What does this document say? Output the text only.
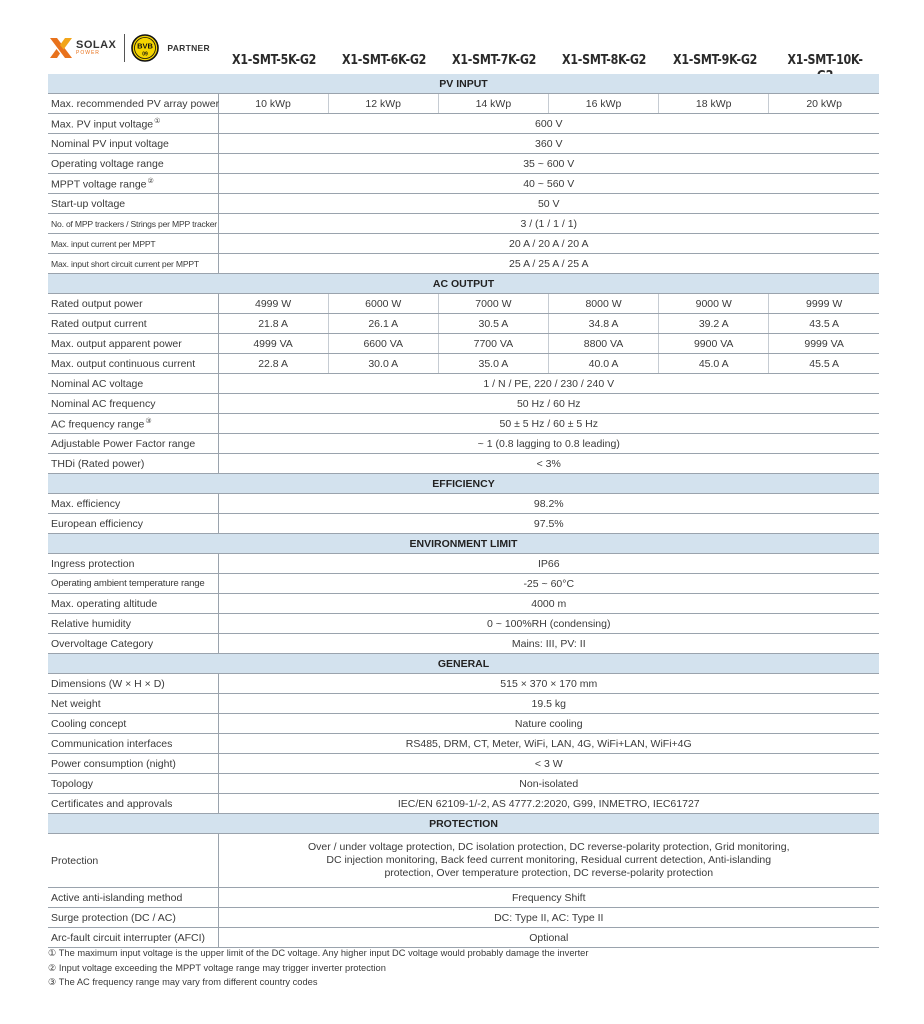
SOLAX
POWER
BVB
09
PARTNER
X1-SMT-5K-G2 X1-SMT-6K-G2 X1-SMT-7K-G2 X1-SMT-8K-G2 X1-SMT-9K-G2	X1-SMT-10K-
PV INPUT						
Max. recommended PV array power	10 kWp	12 kWp	14 kWp	16 kWp	18 kWp	20 kWp
Max. PV input voltage①	600 V					
Nominal PV input voltage	360 V					
Operating voltage range	35 ~ 600 V					
MPPT voltage range②	40 ~ 560 V					
Start-up voltage	50 V					
No. of MPP trackers / Strings per MPP tracker	3 / (1 / 1 / 1)					
Max. input current per MPPT	20 A / 20 A / 20 A					
Max. input short circuit current per MPPT	25 A / 25 A / 25 A					
AC OUTPUT						
Rated output power	4999 W	6000 W	7000 W	8000 W	9000 W	9999 W
Rated output current	21.8 A	26.1 A	30.5 A	34.8 A	39.2 A	43.5 A
Max. output apparent power	4999 VA	6600 VA	7700 VA	8800 VA	9900 VA	9999 VA
Max. output continuous current	22.8 A	30.0 A	35.0 A	40.0 A	45.0 A	45.5 A
Nominal AC voltage	1 / N / PE, 220 / 230 / 240 V					
Nominal AC frequency	50 Hz / 60 Hz					
AC frequency range③	50 ± 5 Hz / 60 ± 5 Hz					
Adjustable Power Factor range	~ 1 (0.8 lagging to 0.8 leading)					
THDi (Rated power)	< 3%					
EFFICIENCY						
Max. efficiency	98.2%					
European efficiency	97.5%					
ENVIRONMENT LIMIT						
Ingress protection	IP66					
Operating ambient temperature range	-25 ~ 60°C					
Max. operating altitude	4000 m					
Relative humidity	0 ~ 100%RH (condensing)					
Overvoltage Category	Mains: III, PV: II					
GENERAL						
Dimensions (W × H × D)	515 × 370 × 170 mm					
Net weight	19.5 kg					
Cooling concept	Nature cooling					
Communication interfaces	RS485, DRM, CT, Meter, WiFi, LAN, 4G, WiFi+LAN, WiFi+4G					
Power consumption (night)	< 3 W					
Topology	Non-isolated					
Certificates and approvals	IEC/EN 62109-1/-2, AS 4777.2:2020, G99, INMETRO, IEC61727					
PROTECTION						
Protection	Over / under voltage protection, DC isolation protection, DC reverse-polarity protection, Grid monitoring,
DC injection monitoring, Back feed current monitoring, Residual current detection, Anti-islanding
protection, Over temperature protection, DC reverse-polarity protection					

Active anti-islanding method	Frequency Shift					
Surge protection (DC / AC)	DC: Type II, AC: Type II					
Arc-fault circuit interrupter (AFCI)	Optional					
① The maximum input voltage is the upper limit of the DC voltage. Any higher input DC voltage would probably damage the inverter
② Input voltage exceeding the MPPT voltage range may trigger inverter protection
③ The AC frequency range may vary from different country codes
